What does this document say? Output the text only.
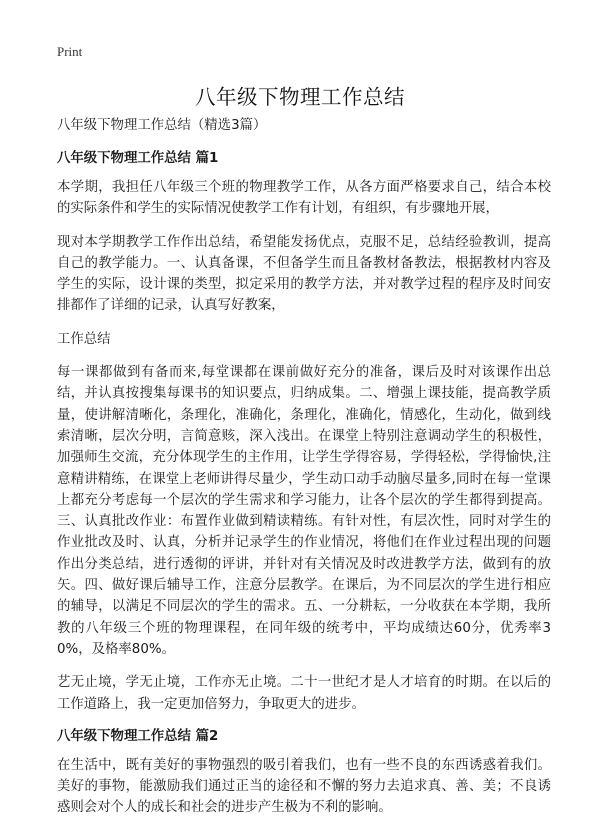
Print
八年级下物理工作总结

八年级下物理工作总结（精选3篇）

八年级下物理工作总结 篇1

本学期，我担任八年级三个班的物理教学工作，从各方面严格要求自己，结合本校的实际条件和学生的实际情况使教学工作有计划，有组织，有步骤地开展，

现对本学期教学工作作出总结，希望能发扬优点，克服不足，总结经验教训，提高自己的教学能力。一、认真备课，不但备学生而且备教材备教法，根据教材内容及学生的实际，设计课的类型，拟定采用的教学方法，并对教学过程的程序及时间安排都作了详细的记录，认真写好教案，

工作总结

每一课都做到有备而来,每堂课都在课前做好充分的准备，课后及时对该课作出总结，并认真按搜集每课书的知识要点，归纳成集。二、增强上课技能，提高教学质量，使讲解清晰化，条理化，准确化，条理化，准确化，情感化，生动化，做到线索清晰，层次分明，言简意赅，深入浅出。在课堂上特别注意调动学生的积极性，加强师生交流，充分体现学生的主作用，让学生学得容易，学得轻松，学得愉快,注意精讲精练，在课堂上老师讲得尽量少，学生动口动手动脑尽量多,同时在每一堂课上都充分考虑每一个层次的学生需求和学习能力，让各个层次的学生都得到提高。三、认真批改作业：布置作业做到精读精练。有针对性，有层次性，同时对学生的作业批改及时、认真，分析并记录学生的作业情况，将他们在作业过程出现的问题作出分类总结，进行透彻的评讲，并针对有关情况及时改进教学方法，做到有的放矢。四、做好课后辅导工作，注意分层教学。在课后，为不同层次的学生进行相应的辅导，以满足不同层次的学生的需求。五、一分耕耘，一分收获在本学期，我所教的八年级三个班的物理课程，在同年级的统考中，平均成绩达60分，优秀率30%，及格率80%。

艺无止境，学无止境，工作亦无止境。二十一世纪才是人才培育的时期。在以后的工作道路上，我一定更加倍努力，争取更大的进步。

八年级下物理工作总结 篇2

在生活中，既有美好的事物强烈的吸引着我们，也有一些不良的东西诱惑着我们。美好的事物，能激励我们通过正当的途径和不懈的努力去追求真、善、美；不良诱惑则会对个人的成长和社会的进步产生极为不利的影响。
